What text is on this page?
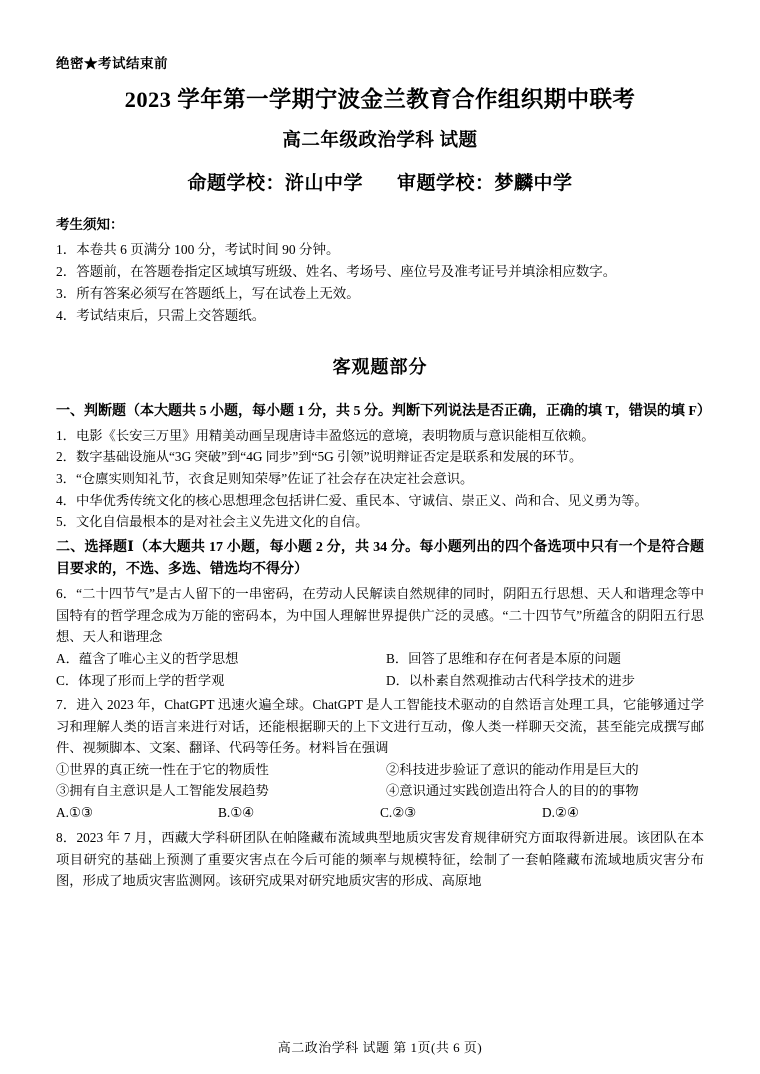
绝密★考试结束前
2023 学年第一学期宁波金兰教育合作组织期中联考
高二年级政治学科 试题
命题学校：浒山中学 审题学校：梦麟中学
考生须知：

1．本卷共 6 页满分 100 分，考试时间 90 分钟。

2．答题前，在答题卷指定区域填写班级、姓名、考场号、座位号及准考证号并填涂相应数字。

3．所有答案必须写在答题纸上，写在试卷上无效。

4．考试结束后，只需上交答题纸。

客观题部分
一、判断题（本大题共 5 小题，每小题 1 分，共 5 分。判断下列说法是否正确，正确的填 T，错误的填 F）

1．电影《长安三万里》用精美动画呈现唐诗丰盈悠远的意境，表明物质与意识能相互依赖。

2．数字基础设施从“3G 突破”到“4G 同步”到“5G 引领”说明辩证否定是联系和发展的环节。

3．“仓廪实则知礼节，衣食足则知荣辱”佐证了社会存在决定社会意识。

4．中华优秀传统文化的核心思想理念包括讲仁爱、重民本、守诚信、崇正义、尚和合、见义勇为等。

5．文化自信最根本的是对社会主义先进文化的自信。

二、选择题Ⅰ（本大题共 17 小题，每小题 2 分，共 34 分。每小题列出的四个备选项中只有一个是符合题目要求的，不选、多选、错选均不得分）

6．“二十四节气”是古人留下的一串密码，在劳动人民解读自然规律的同时，阴阳五行思想、天人和谐理念等中国特有的哲学理念成为万能的密码本，为中国人理解世界提供广泛的灵感。“二十四节气”所蕴含的阴阳五行思想、天人和谐理念

A．蕴含了唯心主义的哲学思想	B．回答了思维和存在何者是本原的问题
C．体现了形而上学的哲学观	D．以朴素自然观推动古代科学技术的进步

7．进入 2023 年，ChatGPT 迅速火遍全球。ChatGPT 是人工智能技术驱动的自然语言处理工具，它能够通过学习和理解人类的语言来进行对话，还能根据聊天的上下文进行互动，像人类一样聊天交流，甚至能完成撰写邮件、视频脚本、文案、翻译、代码等任务。材料旨在强调

①世界的真正统一性在于它的物质性	②科技进步验证了意识的能动作用是巨大的
③拥有自主意识是人工智能发展趋势	④意识通过实践创造出符合人的目的的事物
A.①③	B.①④	C.②③	D.②④

8．2023 年 7 月，西藏大学科研团队在帕隆藏布流域典型地质灾害发育规律研究方面取得新进展。该团队在本项目研究的基础上预测了重要灾害点在今后可能的频率与规模特征，绘制了一套帕隆藏布流域地质灾害分布图，形成了地质灾害监测网。该研究成果对研究地质灾害的形成、高原地

高二政治学科 试题 第 1页(共 6 页)
